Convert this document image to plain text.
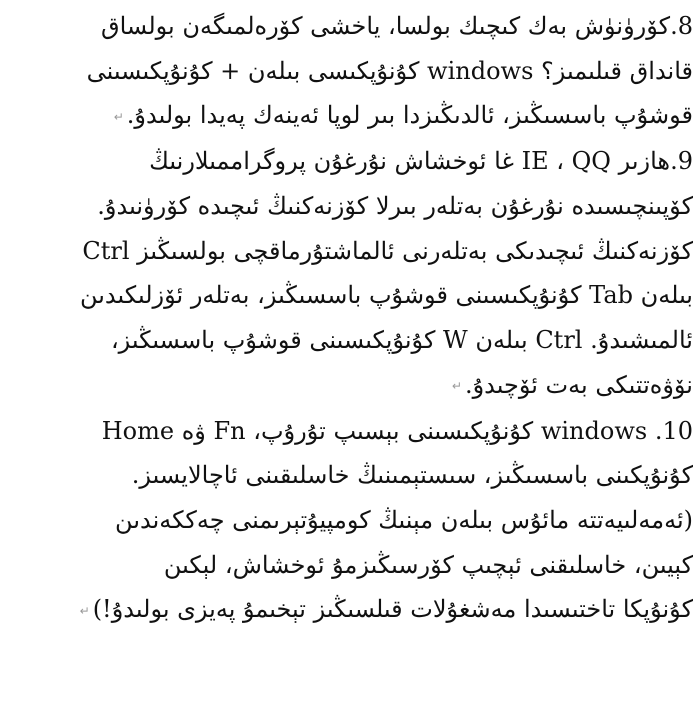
8.كۆرۈنۈش بەك كىچىك بولسا، ياخشى كۆرەلمىگەن بولساق
قانداق قىلىمىز؟ windows كۇنۇپكىسى بىلەن + كۇنۇپكىسىنى
قوشۇپ باسسىڭىز، ئالدىڭىزدا بىر لوپا ئەينەك پەيدا بولىدۇ.↵

9.ھازىر IE ، QQ غا ئوخشاش نۇرغۇن پروگراممىلارنىڭ
كۆپىنچىسىدە نۇرغۇن بەتلەر بىرلا كۆزنەكنىڭ ئىچىدە كۆرۈنىدۇ.
كۆزنەكنىڭ ئىچىدىكى بەتلەرنى ئالماشتۇرماقچى بولسىڭىز Ctrl
بىلەن Tab كۇنۇپكىسىنى قوشۇپ باسسىڭىز، بەتلەر ئۆزلىكىدىن
ئالمىشىدۇ. Ctrl بىلەن W كۇنۇپكىسىنى قوشۇپ باسسىڭىز،
نۆۋەتتىكى بەت ئۆچىدۇ.↵

10. windows كۇنۇپكىسىنى بېسىپ تۇرۇپ، Fn ۋە Home
كۇنۇپكىنى باسسىڭىز، سىستېمىنىڭ خاسلىقىنى ئاچالايسىز.
(ئەمەلىيەتتە مائۇس بىلەن مېنىڭ كومپيۇتېرىمنى چەككەندىن
كېيىن، خاسلىقنى ئېچىپ كۆرسىڭىزمۇ ئوخشاش، لېكىن
كۇنۇپكا تاختىسىدا مەشغۇلات قىلسىڭىز تېخىمۇ پەيزى بولىدۇ!)↵
